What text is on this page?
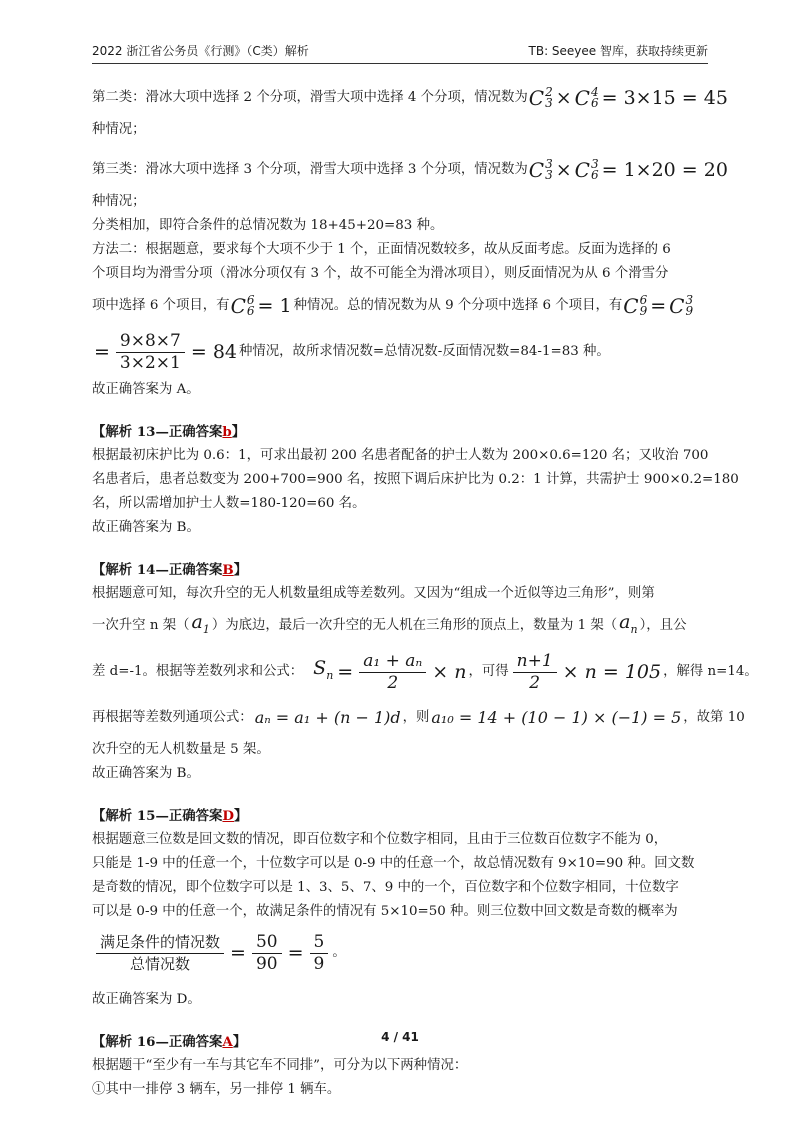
2022 浙江省公务员《行测》（C类）解析	TB: Seeyee 智库，获取持续更新
第二类：滑冰大项中选择 2 个分项，滑雪大项中选择 4 个分项，情况数为 C 2
3 × C 4
6 = 3×15 = 45
种情况；
第三类：滑冰大项中选择 3 个分项，滑雪大项中选择 3 个分项，情况数为 C 3
3 × C 3
6 = 1×20 = 20
种情况；
分类相加，即符合条件的总情况数为 18+45+20=83 种。
方法二：根据题意，要求每个大项不少于 1 个，正面情况数较多，故从反面考虑。反面为选择的 6
个项目均为滑雪分项（滑冰分项仅有 3 个，故不可能全为滑冰项目），则反面情况为从 6 个滑雪分
项中选择 6 个项目，有 C 6
6 = 1 种情况。总的情况数为从 9 个分项中选择 6 个项目，有 C 6
9 = C 3
9
= $\frac{9\times 8\times 7}{3\times 2\times 1} = 84$ 种情况，故所求情况数=总情况数-反面情况数=84-1=83 种。
故正确答案为 A。
【解析 13—正确答案 b 】
根据最初床护比为 0.6：1，可求出最初 200 名患者配备的护士人数为 200×0.6=120 名；又收治 700
名患者后，患者总数变为 200+700=900 名，按照下调后床护比为 0.2：1 计算，共需护士 900×0.2=180
名，所以需增加护士人数=180-120=60 名。
故正确答案为 B。
【解析 14—正确答案 B 】
根据题意可知，每次升空的无人机数量组成等差数列。又因为“组成一个近似等边三角形”，则第
一次升空 n 架（ $a_1$ ）为底边，最后一次升空的无人机在三角形的顶点上，数量为 1 架（ $a_n$ ），且公
差 d=-1。根据等差数列求和公式： $S_n = \frac{\text{a₁ + aₙ}}{2} \times n$ ，可得 $\frac{n+1}{2} \times n = 105$ ，解得 n=14。
再根据等差数列通项公式： aₙ = a₁ + (n − 1)d ，则 a₁₀ = 14 + (10 − 1) × (−1) = 5 ，故第 10
次升空的无人机数量是 5 架。
故正确答案为 B。
【解析 15—正确答案 D 】
根据题意三位数是回文数的情况，即百位数字和个位数字相同，且由于三位数百位数字不能为 0，
只能是 1-9 中的任意一个，十位数字可以是 0-9 中的任意一个，故总情况数有 9×10=90 种。回文数
是奇数的情况，即个位数字可以是 1、3、5、7、9 中的一个，百位数字和个位数字相同，十位数字
可以是 0-9 中的任意一个，故满足条件的情况有 5×10=50 种。则三位数中回文数是奇数的概率为
$\frac{\text{满足条件的情况数}}{\text{总情况数}} = \frac{50}{90} = \frac{5}{9}$ 。
故正确答案为 D。
【解析 16—正确答案 A 】
根据题干“至少有一车与其它车不同排”，可分为以下两种情况：
①其中一排停 3 辆车，另一排停 1 辆车。
4 / 41
